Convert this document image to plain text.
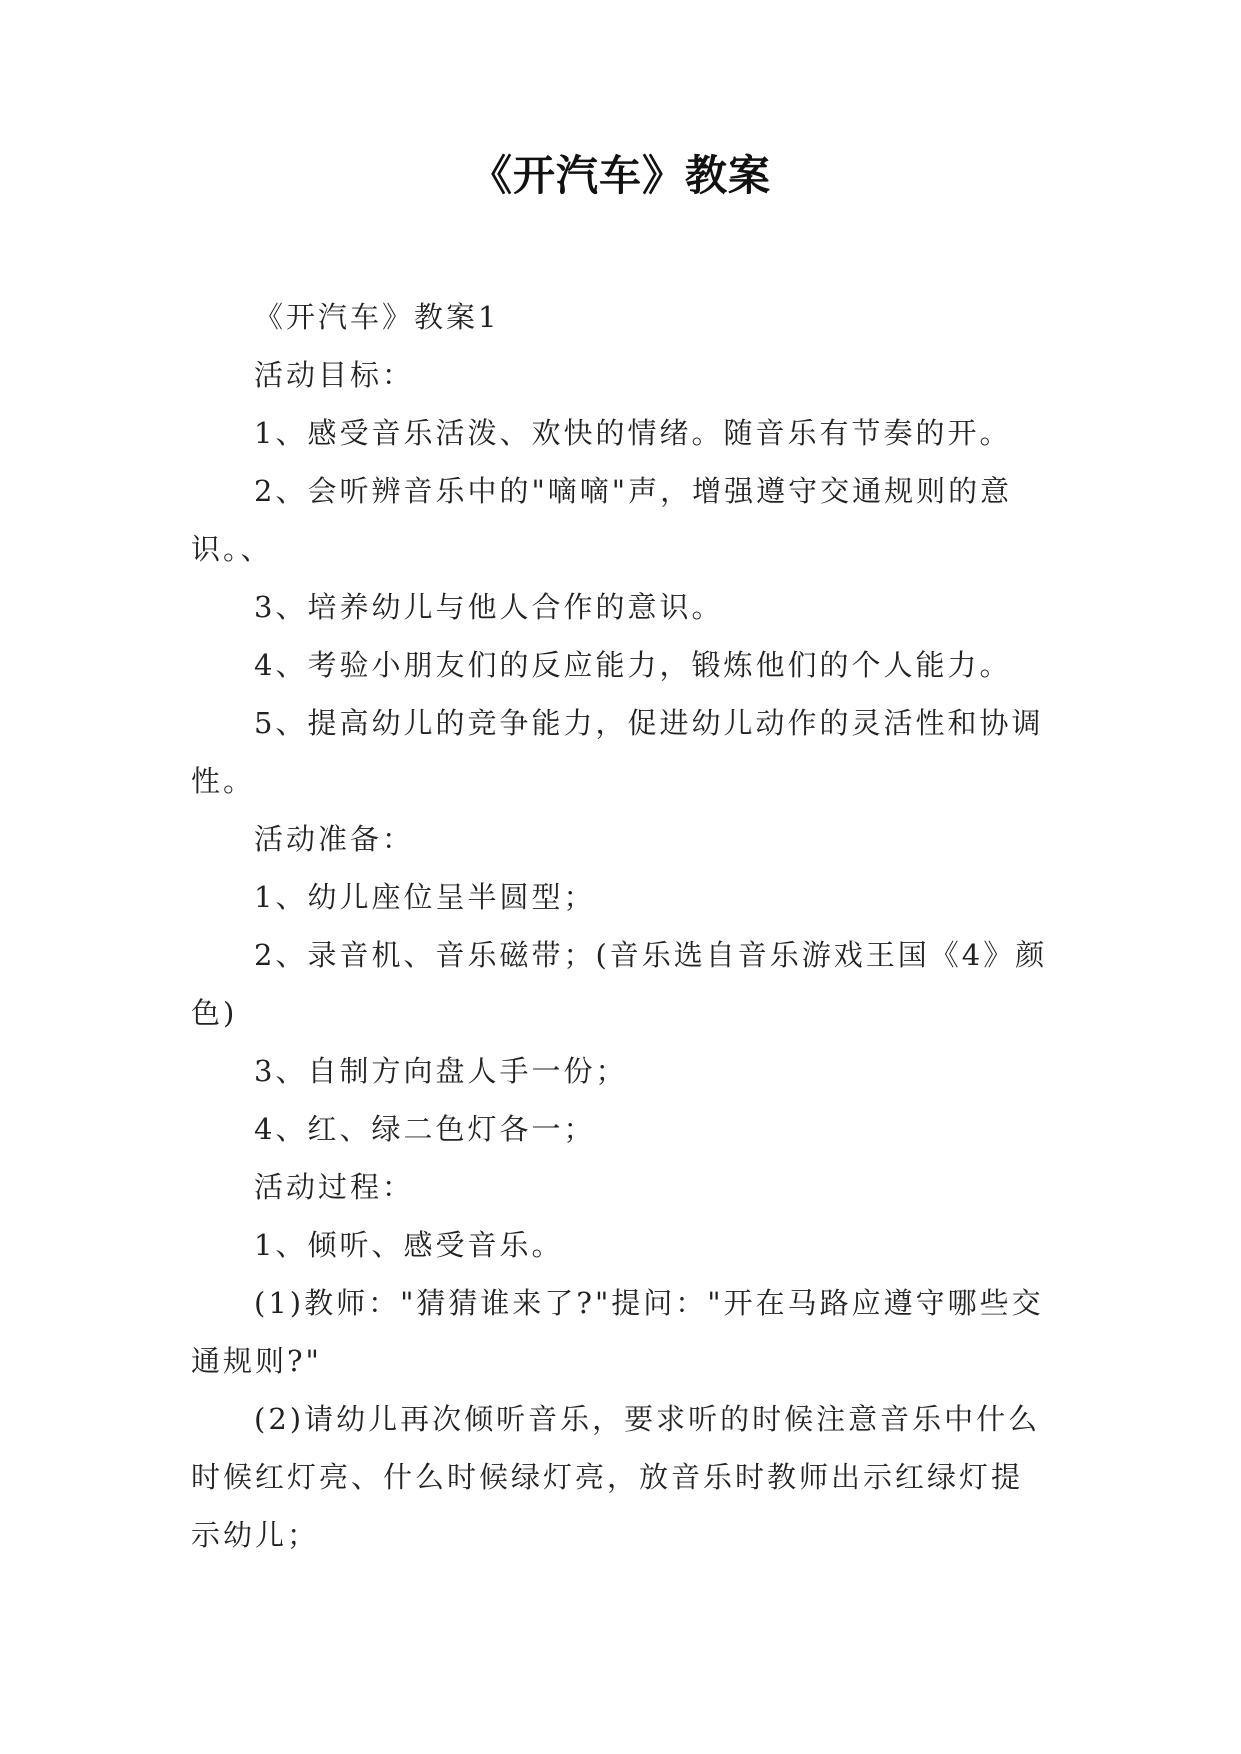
《开汽车》教案

《开汽车》教案1

活动目标：

1、感受音乐活泼、欢快的情绪。随音乐有节奏的开。

2、会听辨音乐中的"嘀嘀"声，增强遵守交通规则的意识。、

3、培养幼儿与他人合作的意识。

4、考验小朋友们的反应能力，锻炼他们的个人能力。

5、提高幼儿的竞争能力，促进幼儿动作的灵活性和协调性。

活动准备：

1、幼儿座位呈半圆型；

2、录音机、音乐磁带；(音乐选自音乐游戏王国《4》颜色)

3、自制方向盘人手一份；

4、红、绿二色灯各一；

活动过程：

1、倾听、感受音乐。

(1)教师："猜猜谁来了?"提问："开在马路应遵守哪些交通规则?"

(2)请幼儿再次倾听音乐，要求听的时候注意音乐中什么时候红灯亮、什么时候绿灯亮，放音乐时教师出示红绿灯提示幼儿；
